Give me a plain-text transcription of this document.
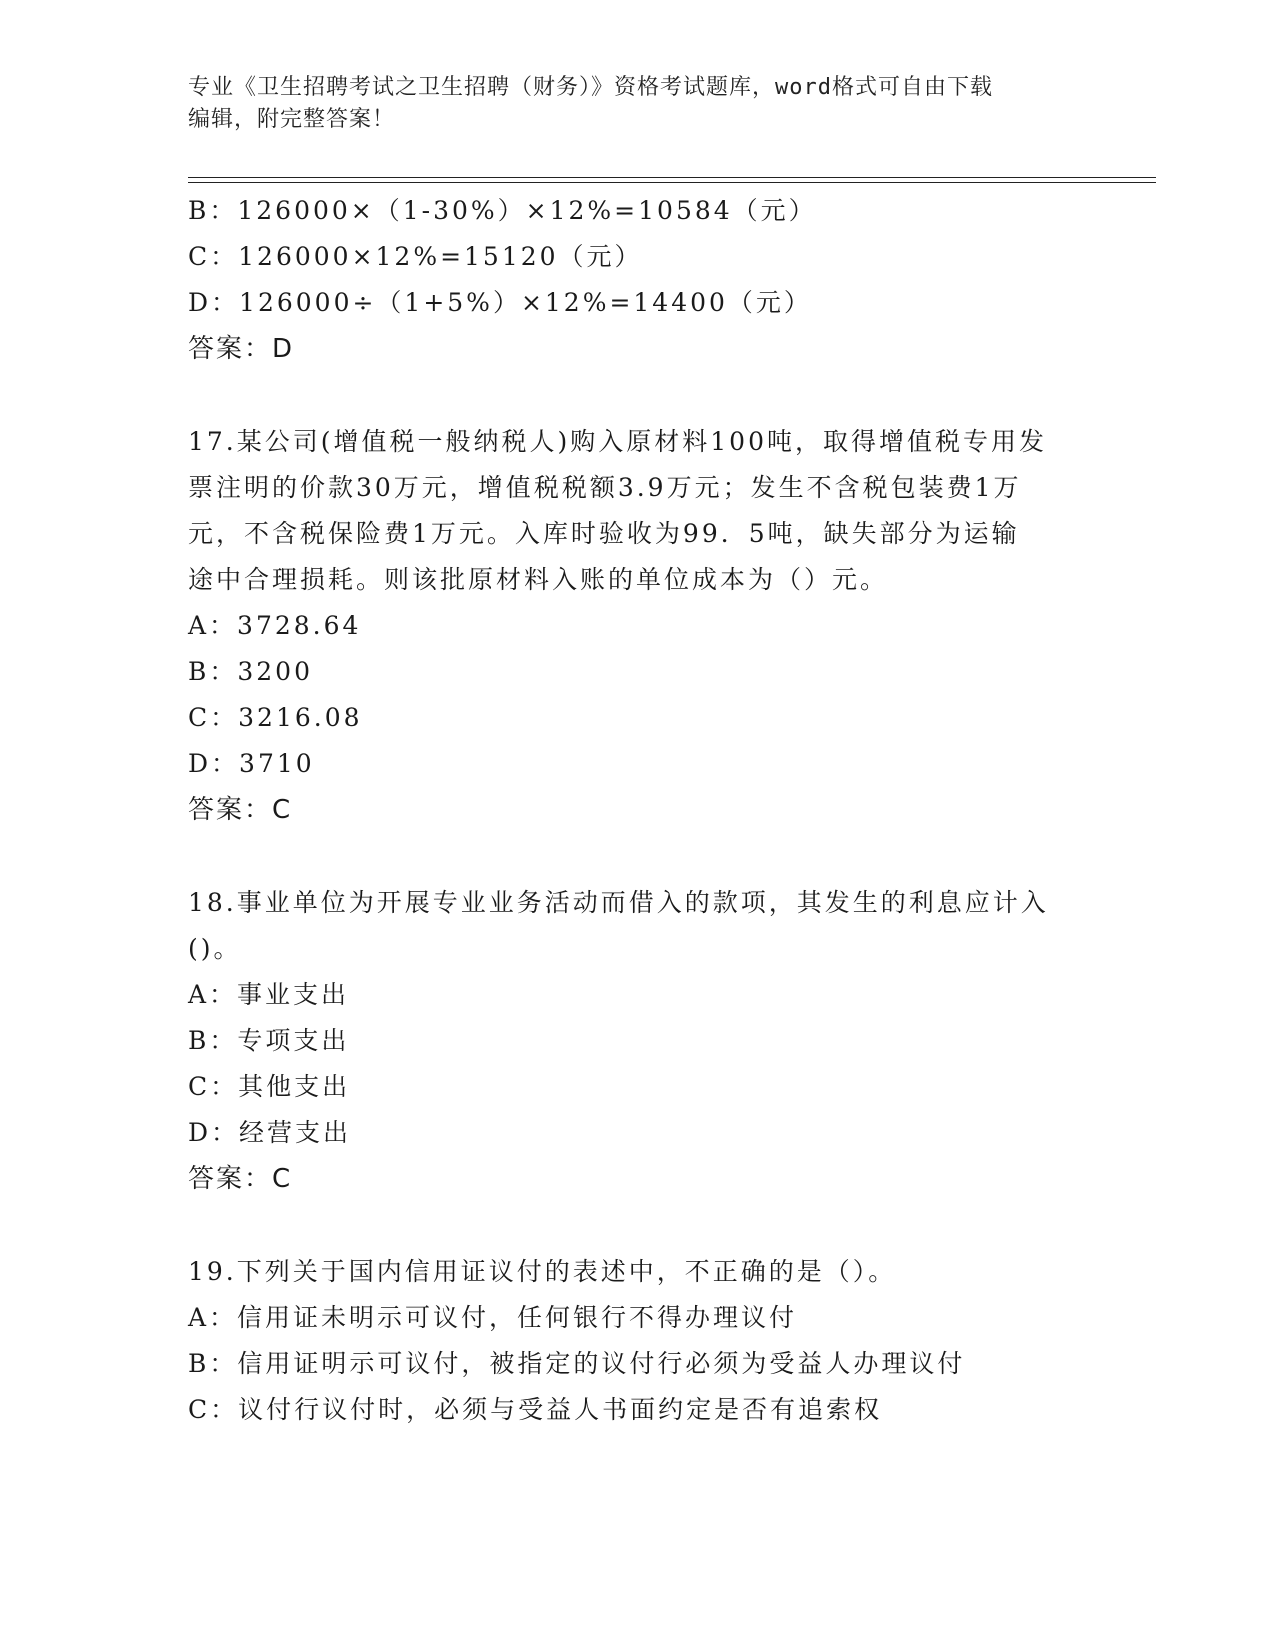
专业《卫生招聘考试之卫生招聘（财务）》资格考试题库，word格式可自由下载
编辑，附完整答案！
B：126000×（1-30%）×12%=10584（元）
C：126000×12%=15120（元）
D：126000÷（1+5%）×12%=14400（元）
答案：D
17.某公司(增值税一般纳税人)购入原材料100吨，取得增值税专用发
票注明的价款30万元，增值税税额3.9万元；发生不含税包装费1万
元，不含税保险费1万元。入库时验收为99．5吨，缺失部分为运输
途中合理损耗。则该批原材料入账的单位成本为（）元。
A：3728.64
B：3200
C：3216.08
D：3710
答案：C
18.事业单位为开展专业业务活动而借入的款项，其发生的利息应计入
()。
A：事业支出
B：专项支出
C：其他支出
D：经营支出
答案：C
19.下列关于国内信用证议付的表述中，不正确的是（）。
A：信用证未明示可议付，任何银行不得办理议付
B：信用证明示可议付，被指定的议付行必须为受益人办理议付
C：议付行议付时，必须与受益人书面约定是否有追索权
